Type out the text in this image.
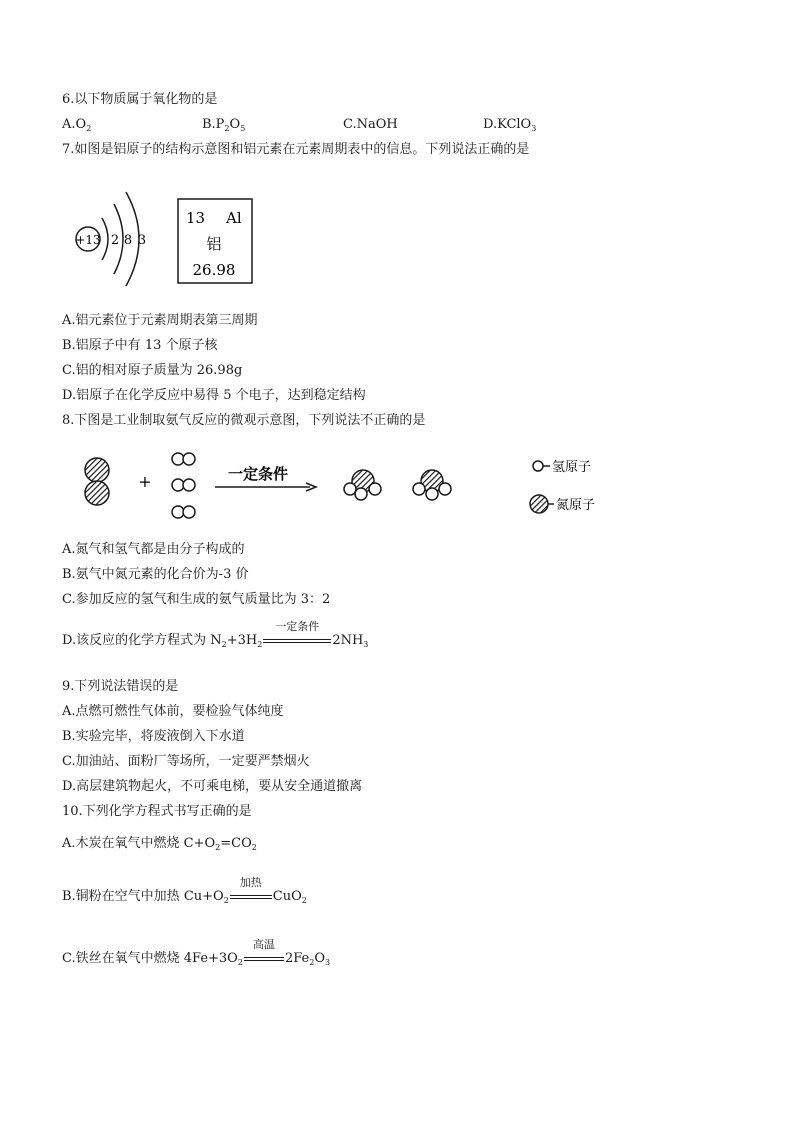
6.以下物质属于氧化物的是
$A.O_2$	$B.P_2O_5$	C.NaOH	D.KClO$_3$
7.如图是铝原子的结构示意图和铝元素在元素周期表中的信息。下列说法正确的是
+13 2 8 3
13 Al
铝
26.98
A.铝元素位于元素周期表第三周期
B.铝原子中有 13 个原子核
C.铝的相对原子质量为 26.98g
D.铝原子在化学反应中易得 5 个电子，达到稳定结构
8.下图是工业制取氨气反应的微观示意图，下列说法不正确的是
+	一定条件	氢原子
氮原子
A.氮气和氢气都是由分子构成的
B.氨气中氮元素的化合价为-3 价
C.参加反应的氢气和生成的氨气质量比为 3：2
D.该反应的化学方程式为 $N_2+3H_2$
一定条件
$2NH_3$
9.下列说法错误的是
A.点燃可燃性气体前，要检验气体纯度
B.实验完毕，将废液倒入下水道
C.加油站、面粉厂等场所，一定要严禁烟火
D.高层建筑物起火，不可乘电梯，要从安全通道撤离
10.下列化学方程式书写正确的是
A.木炭在氧气中燃烧 $C+O_2=CO_2$
B.铜粉在空气中加热 $Cu+O_2$
加热
CuO$_2$
C.铁丝在氧气中燃烧 $4Fe+3O_2$
高温
$2Fe_2O_3$
